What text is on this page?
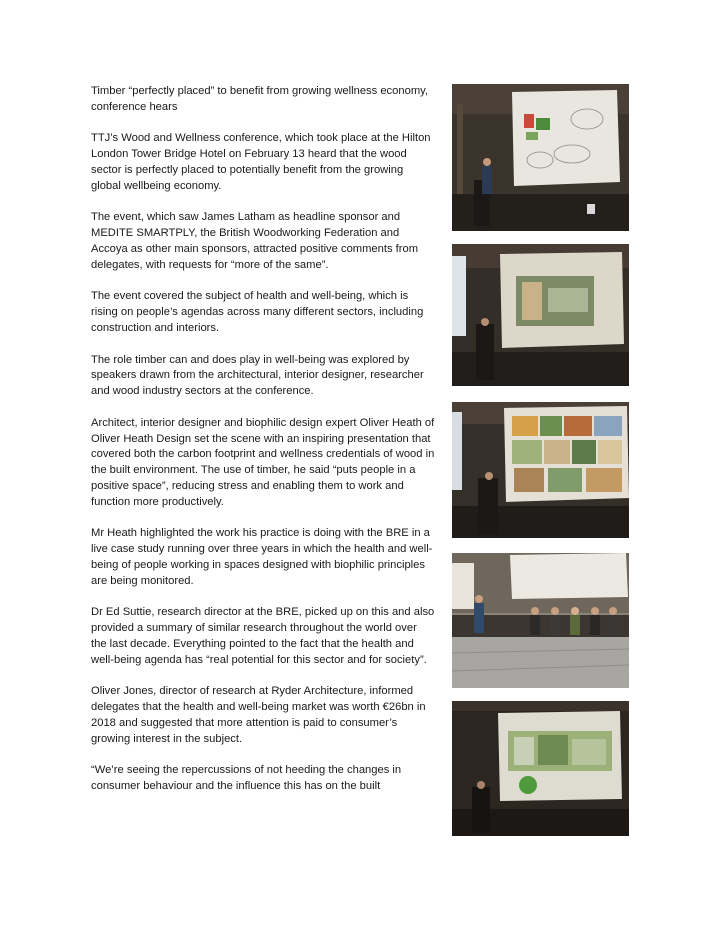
Timber “perfectly placed” to benefit from growing wellness economy, conference hears

TTJ’s Wood and Wellness conference, which took place at the Hilton London Tower Bridge Hotel on February 13 heard that the wood sector is perfectly placed to potentially benefit from the growing global wellbeing economy.

The event, which saw James Latham as headline sponsor and MEDITE SMARTPLY, the British Woodworking Federation and Accoya as other main sponsors, attracted positive comments from delegates, with requests for “more of the same”.

The event covered the subject of health and well-being, which is rising on people’s agendas across many different sectors, including construction and interiors.

The role timber can and does play in well-being was explored by speakers drawn from the architectural, interior designer, researcher and wood industry sectors at the conference.

Architect, interior designer and biophilic design expert Oliver Heath of Oliver Heath Design set the scene with an inspiring presentation that covered both the carbon footprint and wellness credentials of wood in the built environment. The use of timber, he said “puts people in a positive space”, reducing stress and enabling them to work and function more productively.

Mr Heath highlighted the work his practice is doing with the BRE in a live case study running over three years in which the health and well-being of people working in spaces designed with biophilic principles are being monitored.

Dr Ed Suttie, research director at the BRE, picked up on this and also provided a summary of similar research throughout the world over the last decade. Everything pointed to the fact that the health and well-being agenda has “real potential for this sector and for society”.

Oliver Jones, director of research at Ryder Architecture, informed delegates that the health and well-being market was worth €26bn in 2018 and suggested that more attention is paid to consumer’s growing interest in the subject.

“We’re seeing the repercussions of not heeding the changes in consumer behaviour and the influence this has on the built
